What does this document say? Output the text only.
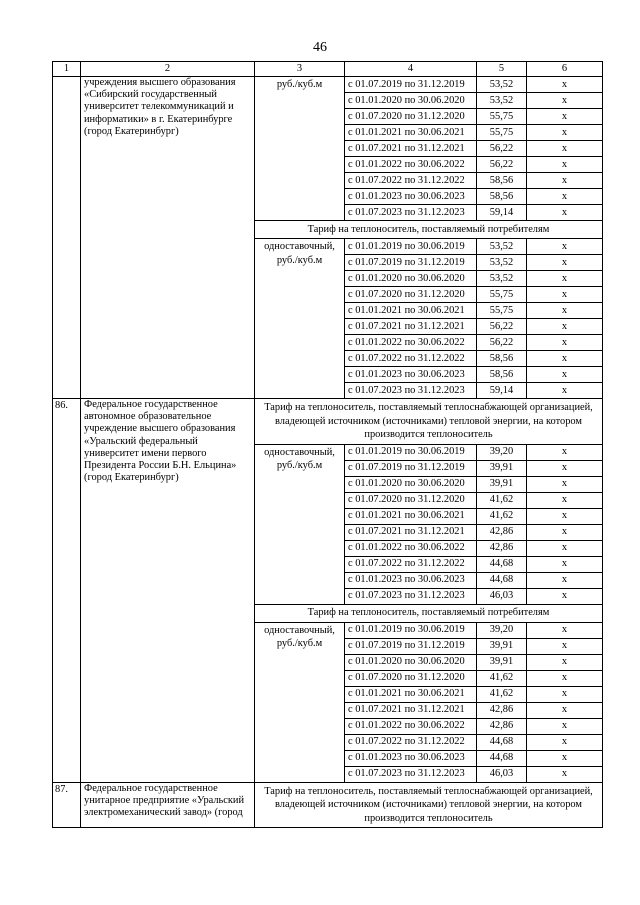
46
1	2	3	4	5	6
	учреждения высшего образования «Сибирский государственный университет телекоммуникаций и информатики» в г. Екатеринбурге (город Екатеринбург)	руб./куб.м	с 01.07.2019 по 31.12.2019	53,52	x
			с 01.01.2020 по 30.06.2020	53,52	x
			с 01.07.2020 по 31.12.2020	55,75	x
			с 01.01.2021 по 30.06.2021	55,75	x
			с 01.07.2021 по 31.12.2021	56,22	x
			с 01.01.2022 по 30.06.2022	56,22	x
			с 01.07.2022 по 31.12.2022	58,56	x
			с 01.01.2023 по 30.06.2023	58,56	x
			с 01.07.2023 по 31.12.2023	59,14	x
		Тариф на теплоноситель, поставляемый потребителям			
		одноставочный, руб./куб.м	с 01.01.2019 по 30.06.2019	53,52	x
			с 01.07.2019 по 31.12.2019	53,52	x
			с 01.01.2020 по 30.06.2020	53,52	x
			с 01.07.2020 по 31.12.2020	55,75	x
			с 01.01.2021 по 30.06.2021	55,75	x
			с 01.07.2021 по 31.12.2021	56,22	x
			с 01.01.2022 по 30.06.2022	56,22	x
			с 01.07.2022 по 31.12.2022	58,56	x
			с 01.01.2023 по 30.06.2023	58,56	x
			с 01.07.2023 по 31.12.2023	59,14	x
86.	Федеральное государственное автономное образовательное учреждение высшего образования «Уральский федеральный университет имени первого Президента России Б.Н. Ельцина» (город Екатеринбург)	Тариф на теплоноситель, поставляемый теплоснабжающей организацией, владеющей источником (источниками) тепловой энергии, на котором производится теплоноситель			
		одноставочный, руб./куб.м	с 01.01.2019 по 30.06.2019	39,20	x
			с 01.07.2019 по 31.12.2019	39,91	x
			с 01.01.2020 по 30.06.2020	39,91	x
			с 01.07.2020 по 31.12.2020	41,62	x
			с 01.01.2021 по 30.06.2021	41,62	x
			с 01.07.2021 по 31.12.2021	42,86	x
			с 01.01.2022 по 30.06.2022	42,86	x
			с 01.07.2022 по 31.12.2022	44,68	x
			с 01.01.2023 по 30.06.2023	44,68	x
			с 01.07.2023 по 31.12.2023	46,03	x
		Тариф на теплоноситель, поставляемый потребителям			
		одноставочный, руб./куб.м	с 01.01.2019 по 30.06.2019	39,20	x
			с 01.07.2019 по 31.12.2019	39,91	x
			с 01.01.2020 по 30.06.2020	39,91	x
			с 01.07.2020 по 31.12.2020	41,62	x
			с 01.01.2021 по 30.06.2021	41,62	x
			с 01.07.2021 по 31.12.2021	42,86	x
			с 01.01.2022 по 30.06.2022	42,86	x
			с 01.07.2022 по 31.12.2022	44,68	x
			с 01.01.2023 по 30.06.2023	44,68	x
			с 01.07.2023 по 31.12.2023	46,03	x
87.	Федеральное государственное унитарное предприятие «Уральский электромеханический завод» (город	Тариф на теплоноситель, поставляемый теплоснабжающей организацией, владеющей источником (источниками) тепловой энергии, на котором производится теплоноситель			
